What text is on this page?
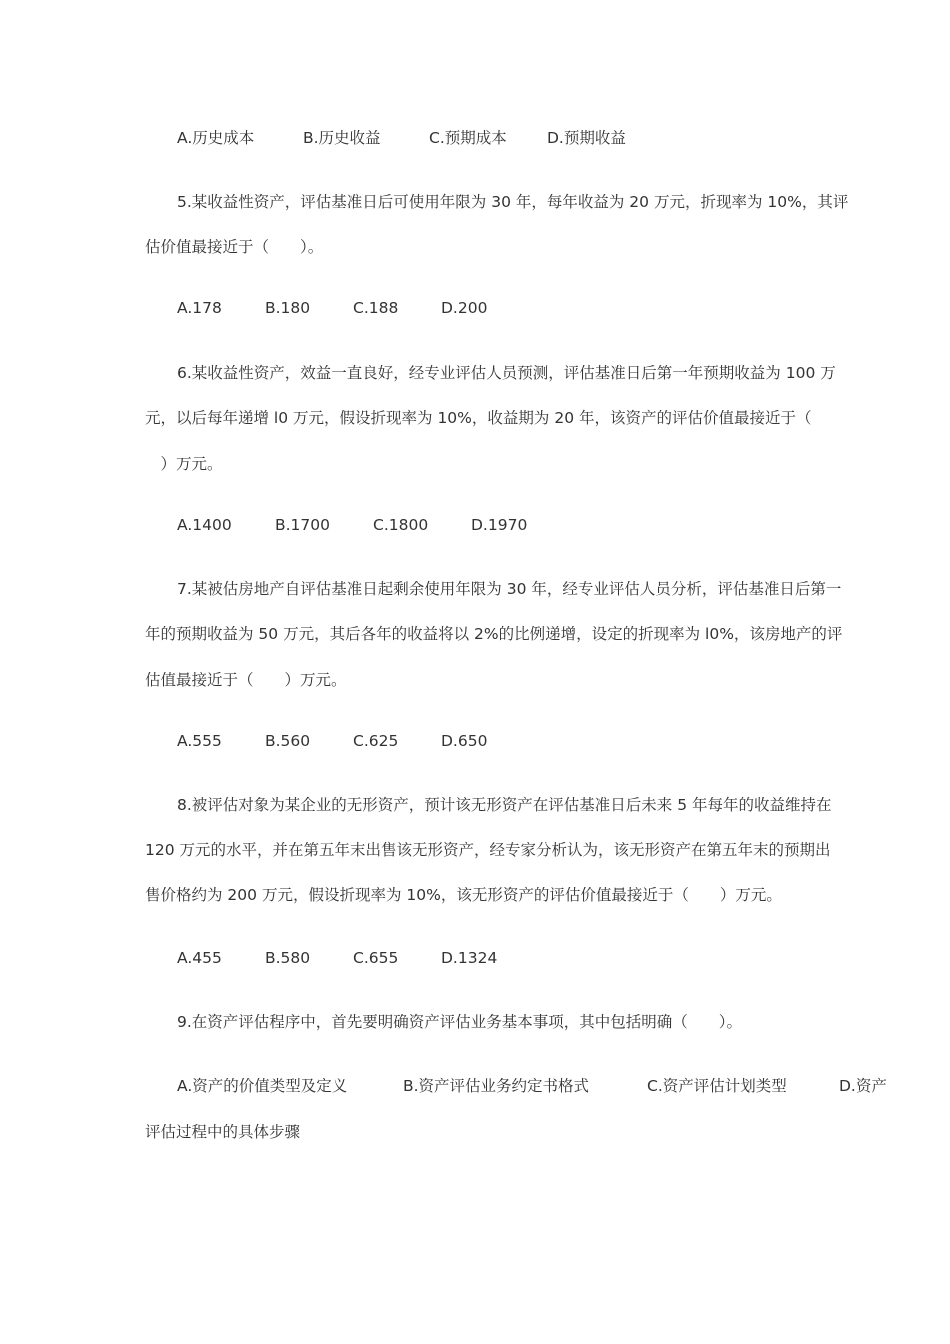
A.历史成本	B.历史收益	C.预期成本	D.预期收益
5.某收益性资产，评估基准日后可使用年限为 30 年，每年收益为 20 万元，折现率为 10%，其评
估价值最接近于（　　）。
A.178	B.180	C.188	D.200
6.某收益性资产，效益一直良好，经专业评估人员预测，评估基准日后第一年预期收益为 100 万
元，以后每年递增 l0 万元，假设折现率为 10%，收益期为 20 年，该资产的评估价值最接近于（
　）万元。
A.1400	B.1700	C.1800	D.1970
7.某被估房地产自评估基准日起剩余使用年限为 30 年，经专业评估人员分析，评估基准日后第一
年的预期收益为 50 万元，其后各年的收益将以 2%的比例递增，设定的折现率为 l0%，该房地产的评
估值最接近于（　　）万元。
A.555	B.560	C.625	D.650
8.被评估对象为某企业的无形资产，预计该无形资产在评估基准日后未来 5 年每年的收益维持在
120 万元的水平，并在第五年末出售该无形资产，经专家分析认为，该无形资产在第五年末的预期出
售价格约为 200 万元，假设折现率为 10%，该无形资产的评估价值最接近于（　　）万元。
A.455	B.580	C.655	D.1324
9.在资产评估程序中，首先要明确资产评估业务基本事项，其中包括明确（　　）。
A.资产的价值类型及定义	B.资产评估业务约定书格式	C.资产评估计划类型	D.资产
评估过程中的具体步骤
